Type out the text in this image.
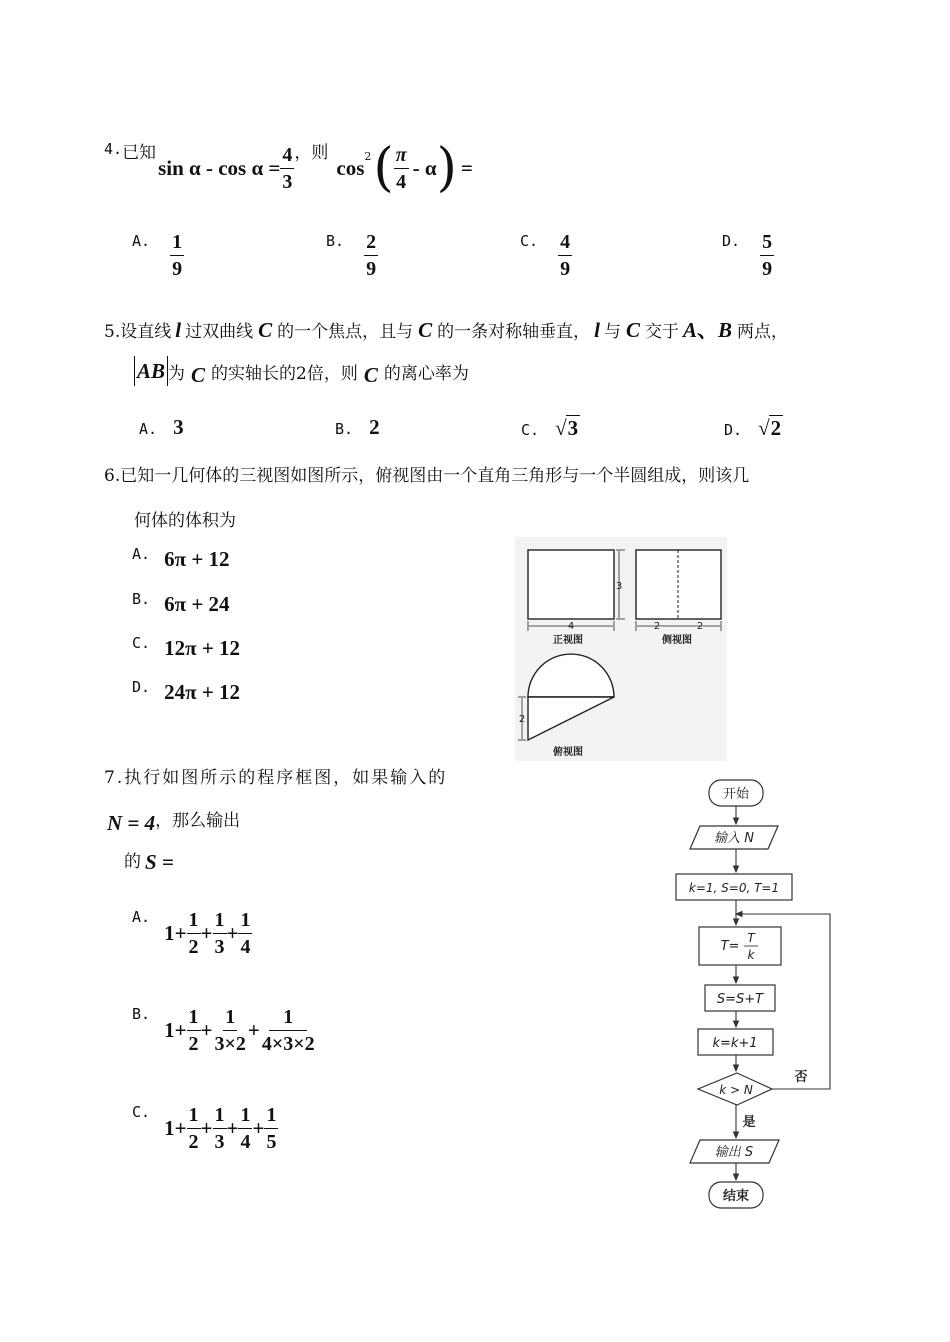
4. 已知
$\sin \alpha - \cos \alpha = \frac{4}{3}$ ，则
cos 2 ( $\frac{\pi}{4}$ - α ) =
A. $\frac{1}{9}$	B. $\frac{2}{9}$	C. $\frac{4}{9}$	D. $\frac{5}{9}$
5.设直线 l 过双曲线 C 的一个焦点，且与 C 的一条对称轴垂直， l 与 C 交于 A、B 两点，
AB 为 C 的实轴长的2倍，则 C 的离心率为
A. 3	B. 2	C. √ 3	D. √ 2
6.已知一几何体的三视图如图所示，俯视图由一个直角三角形与一个半圆组成，则该几
何体的体积为
A. 6π + 12
B. 6π + 24
C. 12π + 12
D. 24π + 12
4
3
正视图
2	2
侧视图
2
俯视图
7.执行如图所示的程序框图，如果输入的
N = 4 ，那么输出
的 S =
A.
$1+ \frac{1}{2} + \frac{1}{3} + \frac{1}{4}$
B.
$1+ \frac{1}{2} + \frac{1}{3\times 2} + \frac{1}{4\times 3\times 2}$
C.
$1+ \frac{1}{2} + \frac{1}{3} + \frac{1}{4} + \frac{1}{5}$
开始
输入 N
k=1, S=0, T=1
T=
T
k
S=S+T
k=k+1
k > N
否
是
输出 S
结束
